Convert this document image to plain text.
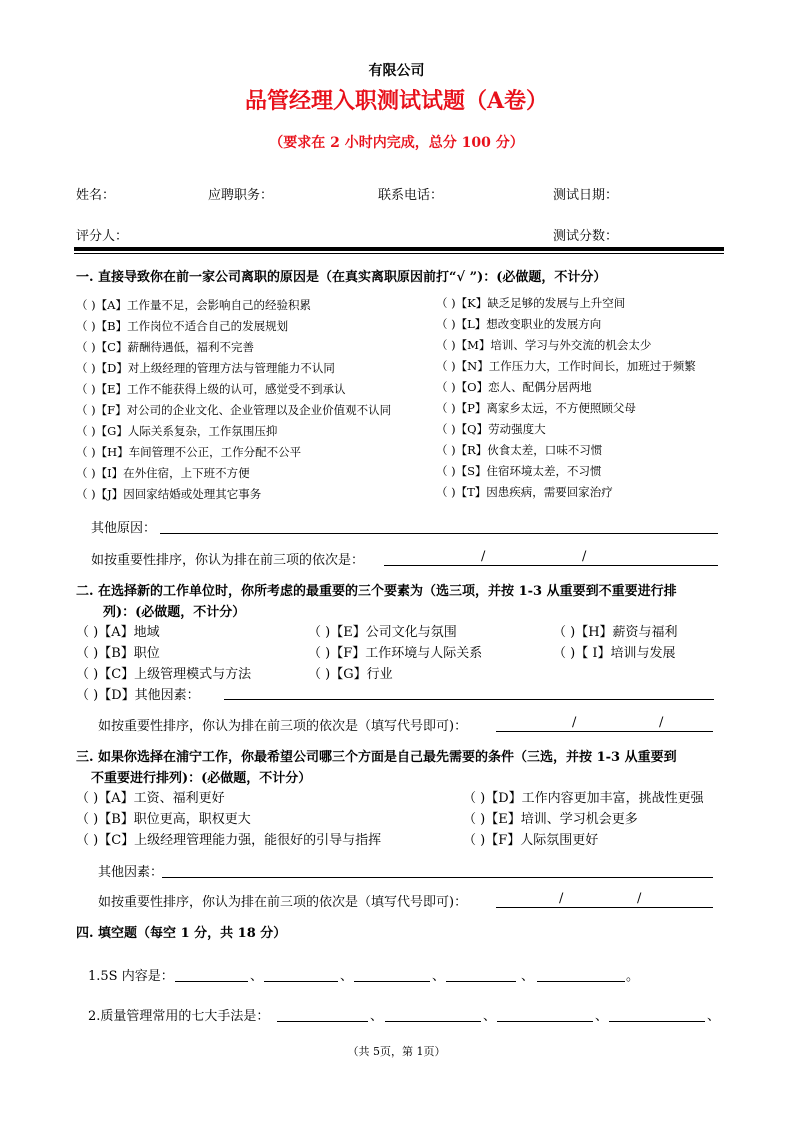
有限公司
品管经理入职测试试题（A卷）
（要求在 2 小时内完成，总分 100 分）
姓名：	应聘职务：	联系电话：	测试日期：
评分人：	测试分数：
一. 直接导致你在前一家公司离职的原因是（在真实离职原因前打“√ ”)：(必做题，不计分）
（ )【A】工作量不足，会影响自己的经验积累
（ )【B】工作岗位不适合自己的发展规划
（ )【C】薪酬待遇低，福利不完善
（ )【D】对上级经理的管理方法与管理能力不认同
（ )【E】工作不能获得上级的认可，感觉受不到承认
（ )【F】对公司的企业文化、企业管理以及企业价值观不认同
（ )【G】人际关系复杂，工作氛围压抑
（ )【H】车间管理不公正，工作分配不公平
（ )【I】在外住宿，上下班不方便
（ )【J】因回家结婚或处理其它事务
（ )【K】缺乏足够的发展与上升空间
（ )【L】想改变职业的发展方向
（ )【M】培训、学习与外交流的机会太少
（ )【N】工作压力大，工作时间长，加班过于频繁
（ )【O】恋人、配偶分居两地
（ )【P】离家乡太远，不方便照顾父母
（ )【Q】劳动强度大
（ )【R】伙食太差，口味不习惯
（ )【S】住宿环境太差，不习惯
（ )【T】因患疾病，需要回家治疗
其他原因：
如按重要性排序，你认为排在前三项的依次是：	/	/
二. 在选择新的工作单位时，你所考虑的最重要的三个要素为（选三项，并按 1-3 从重要到不重要进行排
列)：(必做题，不计分）
（ )【A】地域
（ )【B】职位
（ )【C】上级管理模式与方法
（ )【D】其他因素：
（ )【E】公司文化与氛围
（ )【F】工作环境与人际关系
（ )【G】行业
（ )【H】薪资与福利
（ )【 I】培训与发展
如按重要性排序，你认为排在前三项的依次是（填写代号即可)：	/	/
三. 如果你选择在浦宁工作，你最希望公司哪三个方面是自己最先需要的条件（三选，并按 1-3 从重要到
不重要进行排列)：(必做题，不计分）
（ )【A】工资、福利更好
（ )【B】职位更高，职权更大
（ )【C】上级经理管理能力强，能很好的引导与指挥
（ )【D】工作内容更加丰富，挑战性更强
（ )【E】培训、学习机会更多
（ )【F】人际氛围更好
其他因素：
如按重要性排序，你认为排在前三项的依次是（填写代号即可)：	/	/
四. 填空题（每空 1 分，共 18 分）
1.5S 内容是：	、	、	、	、	。
2.质量管理常用的七大手法是：	、	、	、	、
（共 5页，第 1页）
